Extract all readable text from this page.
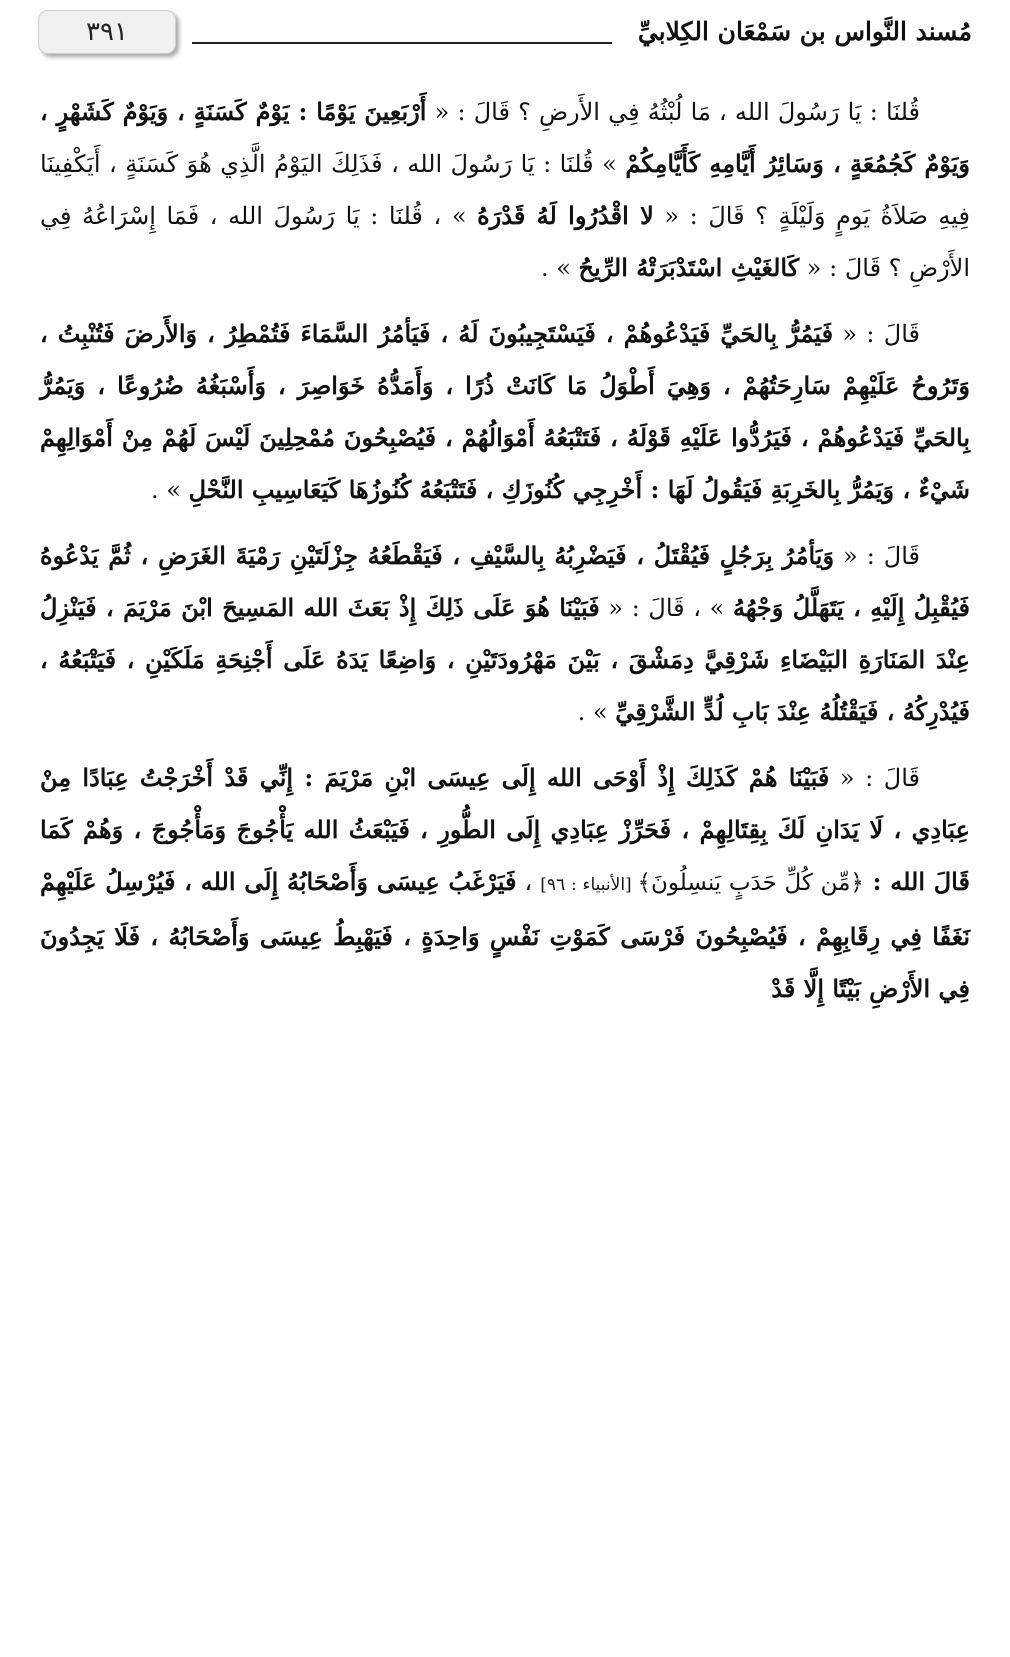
٣٩١	مُسند النَّواس بن سَمْعَان الكِلابيِّ

قُلنَا : يَا رَسُولَ الله ، مَا لُبْثُهُ فِي الأَرضِ ؟ قَالَ : « أَرْبَعِينَ يَوْمًا : يَوْمٌ كَسَنَةٍ ، وَيَوْمٌ كَشَهْرٍ ، وَيَوْمٌ كَجُمُعَةٍ ، وَسَائِرُ أَيَّامِهِ كَأَيَّامِكُمْ » قُلنَا : يَا رَسُولَ الله ، فَذَلِكَ اليَوْمُ الَّذِي هُوَ كَسَنَةٍ ، أَيَكْفِينَا فِيهِ صَلاَةُ يَومٍ وَلَيْلَةٍ ؟ قَالَ : « لا اقْدُرُوا لَهُ قَدْرَهُ » ، قُلنَا : يَا رَسُولَ الله ، فَمَا إِسْرَاعُهُ فِي الأَرْضِ ؟ قَالَ : « كَالغَيْثِ اسْتَدْبَرَتْهُ الرِّيحُ » .

قَالَ : « فَيَمُرُّ بِالحَيِّ فَيَدْعُوهُمْ ، فَيَسْتَجِيبُونَ لَهُ ، فَيَأمُرُ السَّمَاءَ فَتُمْطِرُ ، وَالأَرضَ فَتُنْبِتُ ، وَتَرُوحُ عَلَيْهِمْ سَارِحَتُهُمْ ، وَهِيَ أَطْوَلُ مَا كَانَتْ ذُرًا ، وَأَمَدُّهُ خَوَاصِرَ ، وَأَسْبَغُهُ ضُرُوعًا ، وَيَمُرُّ بِالحَيِّ فَيَدْعُوهُمْ ، فَيَرُدُّوا عَلَيْهِ قَوْلَهُ ، فَتَتْبَعُهُ أَمْوَالُهُمْ ، فَيُصْبِحُونَ مُمْحِلِينَ لَيْسَ لَهُمْ مِنْ أَمْوَالِهِمْ شَيْءٌ ، وَيَمُرُّ بِالخَرِبَةِ فَيَقُولُ لَهَا : أَخْرِجِي كُنُوزَكِ ، فَتَتْبَعُهُ كُنُوزُهَا كَيَعَاسِيبِ النَّحْلِ » .

قَالَ : « وَيَأمُرُ بِرَجُلٍ فَيُقْتَلُ ، فَيَضْرِبُهُ بِالسَّيْفِ ، فَيَقْطَعُهُ جِزْلَتَيْنِ رَمْيَةَ الغَرَضِ ، ثُمَّ يَدْعُوهُ فَيُقْبِلُ إِلَيْهِ ، يَتَهَلَّلُ وَجْهُهُ » ، قَالَ : « فَبَيْنَا هُوَ عَلَى ذَلِكَ إِذْ بَعَثَ الله المَسِيحَ ابْنَ مَرْيَمَ ، فَيَنْزِلُ عِنْدَ المَنَارَةِ البَيْضَاءِ شَرْقِيَّ دِمَشْقَ ، بَيْنَ مَهْرُودَتَيْنِ ، وَاضِعًا يَدَهُ عَلَى أَجْنِحَةِ مَلَكَيْنِ ، فَيَتْبَعُهُ ، فَيُدْرِكُهُ ، فَيَقْتُلُهُ عِنْدَ بَابِ لُدٍّ الشَّرْقِيِّ » .

قَالَ : « فَبَيْنَا هُمْ كَذَلِكَ إِذْ أَوْحَى الله إِلَى عِيسَى ابْنِ مَرْيَمَ : إِنِّي قَدْ أَخْرَجْتُ عِبَادًا مِنْ عِبَادِي ، لَا يَدَانِ لَكَ بِقِتَالِهِمْ ، فَحَرِّزْ عِبَادِي إِلَى الطُّورِ ، فَيَبْعَثُ الله يَأْجُوجَ وَمَأْجُوجَ ، وَهُمْ كَمَا قَالَ الله : ﴿مِّن كُلِّ حَدَبٍ يَنسِلُونَ﴾ [الأنبياء : ٩٦] ، فَيَرْغَبُ عِيسَى وَأَصْحَابُهُ إِلَى الله ، فَيُرْسِلُ عَلَيْهِمْ نَغَفًا فِي رِقَابِهِمْ ، فَيُصْبِحُونَ فَرْسَى كَمَوْتِ نَفْسٍ وَاحِدَةٍ ، فَيَهْبِطُ عِيسَى وَأَصْحَابُهُ ، فَلَا يَجِدُونَ فِي الأَرْضِ بَيْتًا إِلَّا قَدْ
